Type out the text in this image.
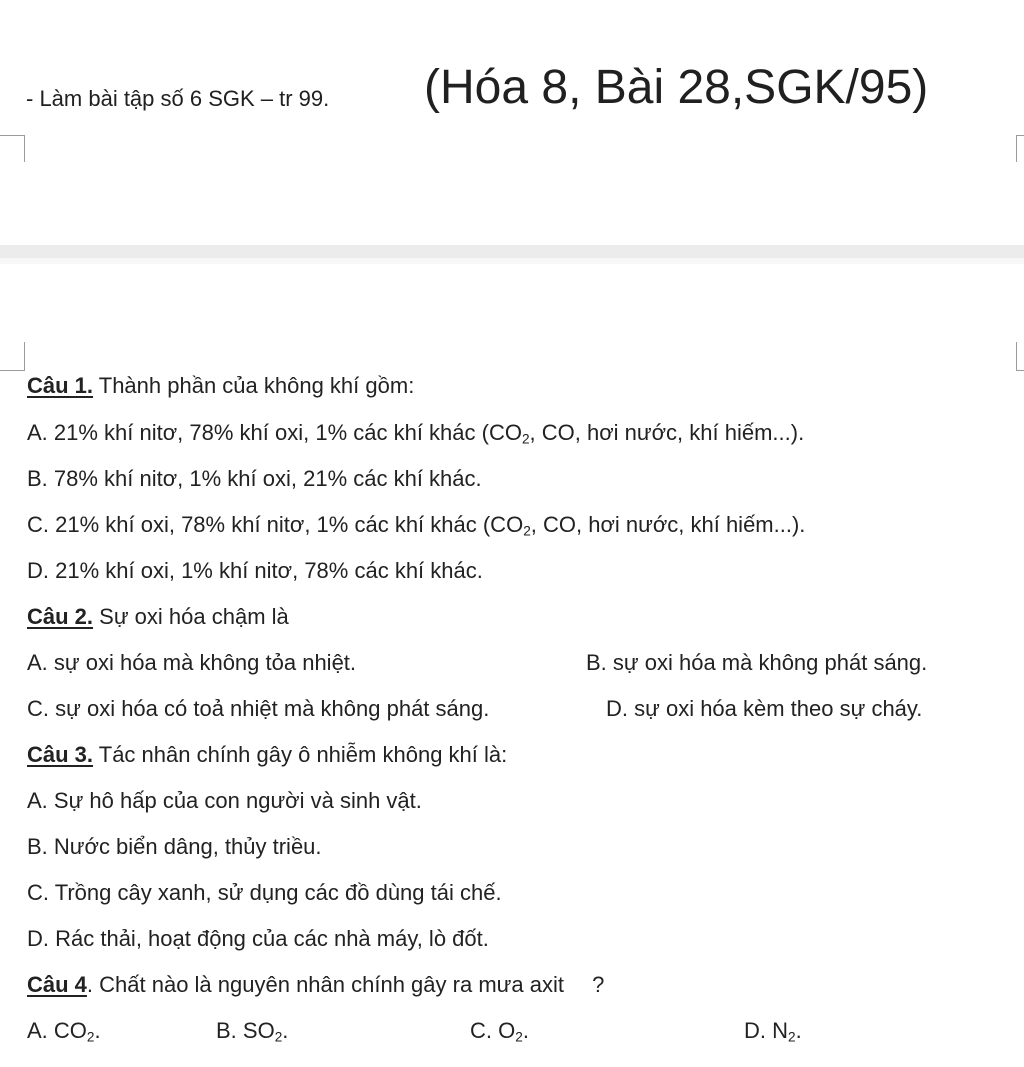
- Làm bài tập số 6 SGK – tr 99. (Hóa 8, Bài 28,SGK/95)
Câu 1. Thành phần của không khí gồm:
A. 21% khí nitơ, 78% khí oxi, 1% các khí khác ($CO_2$, CO, hơi nước, khí hiếm...).
B. 78% khí nitơ, 1% khí oxi, 21% các khí khác.
C. 21% khí oxi, 78% khí nitơ, 1% các khí khác ($CO_2$, CO, hơi nước, khí hiếm...).
D. 21% khí oxi, 1% khí nitơ, 78% các khí khác.
Câu 2. Sự oxi hóa chậm là
A. sự oxi hóa mà không tỏa nhiệt.	B. sự oxi hóa mà không phát sáng.
C. sự oxi hóa có toả nhiệt mà không phát sáng.	D. sự oxi hóa kèm theo sự cháy.
Câu 3. Tác nhân chính gây ô nhiễm không khí là:
A. Sự hô hấp của con người và sinh vật.
B. Nước biển dâng, thủy triều.
C. Trồng cây xanh, sử dụng các đồ dùng tái chế.
D. Rác thải, hoạt động của các nhà máy, lò đốt.
Câu 4. Chất nào là nguyên nhân chính gây ra mưa axit ?
A. $CO_2$.	B. $SO_2$.	C. $O_2$.	D. $N_2$.
